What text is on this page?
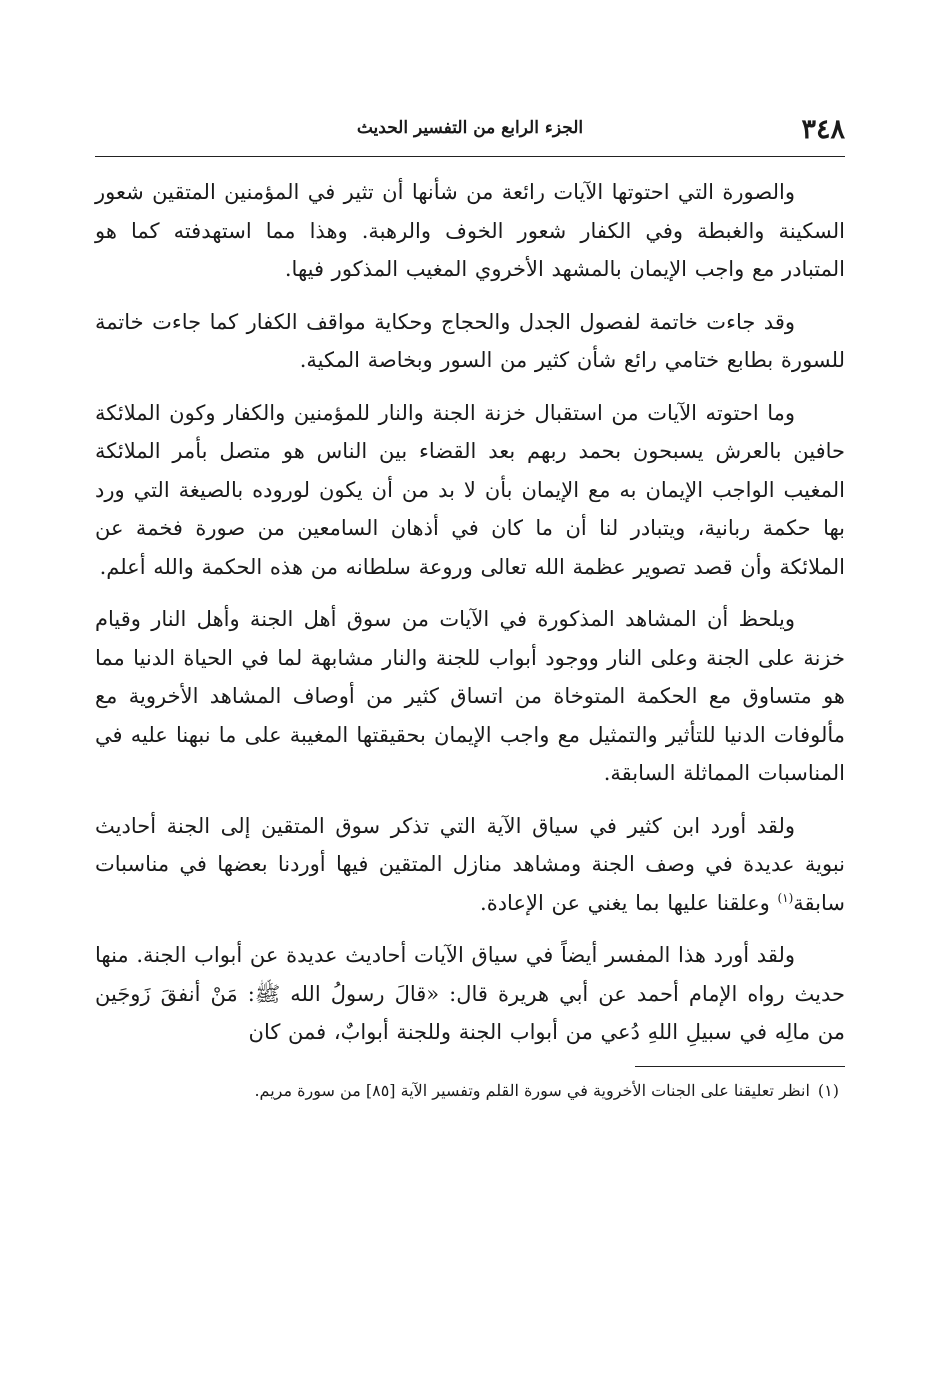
٣٤٨
الجزء الرابع من التفسير الحديث

والصورة التي احتوتها الآيات رائعة من شأنها أن تثير في المؤمنين المتقين شعور السكينة والغبطة وفي الكفار شعور الخوف والرهبة. وهذا مما استهدفته كما هو المتبادر مع واجب الإيمان بالمشهد الأخروي المغيب المذكور فيها.

وقد جاءت خاتمة لفصول الجدل والحجاج وحكاية مواقف الكفار كما جاءت خاتمة للسورة بطابع ختامي رائع شأن كثير من السور وبخاصة المكية.

وما احتوته الآيات من استقبال خزنة الجنة والنار للمؤمنين والكفار وكون الملائكة حافين بالعرش يسبحون بحمد ربهم بعد القضاء بين الناس هو متصل بأمر الملائكة المغيب الواجب الإيمان به مع الإيمان بأن لا بد من أن يكون لوروده بالصيغة التي ورد بها حكمة ربانية، ويتبادر لنا أن ما كان في أذهان السامعين من صورة فخمة عن الملائكة وأن قصد تصوير عظمة الله تعالى وروعة سلطانه من هذه الحكمة والله أعلم.

ويلحظ أن المشاهد المذكورة في الآيات من سوق أهل الجنة وأهل النار وقيام خزنة على الجنة وعلى النار ووجود أبواب للجنة والنار مشابهة لما في الحياة الدنيا مما هو متساوق مع الحكمة المتوخاة من اتساق كثير من أوصاف المشاهد الأخروية مع مألوفات الدنيا للتأثير والتمثيل مع واجب الإيمان بحقيقتها المغيبة على ما نبهنا عليه في المناسبات المماثلة السابقة.

ولقد أورد ابن كثير في سياق الآية التي تذكر سوق المتقين إلى الجنة أحاديث نبوية عديدة في وصف الجنة ومشاهد منازل المتقين فيها أوردنا بعضها في مناسبات سابقة$^{(١)}$ وعلقنا عليها بما يغني عن الإعادة.

ولقد أورد هذا المفسر أيضاً في سياق الآيات أحاديث عديدة عن أبواب الجنة. منها حديث رواه الإمام أحمد عن أبي هريرة قال: «قالَ رسولُ الله ﷺ: مَنْ أنفقَ زَوجَين من مالِه في سبيلِ اللهِ دُعي من أبواب الجنة وللجنة أبوابٌ، فمن كان

(١)انظر تعليقنا على الجنات الأخروية في سورة القلم وتفسير الآية [٨٥] من سورة مريم.
